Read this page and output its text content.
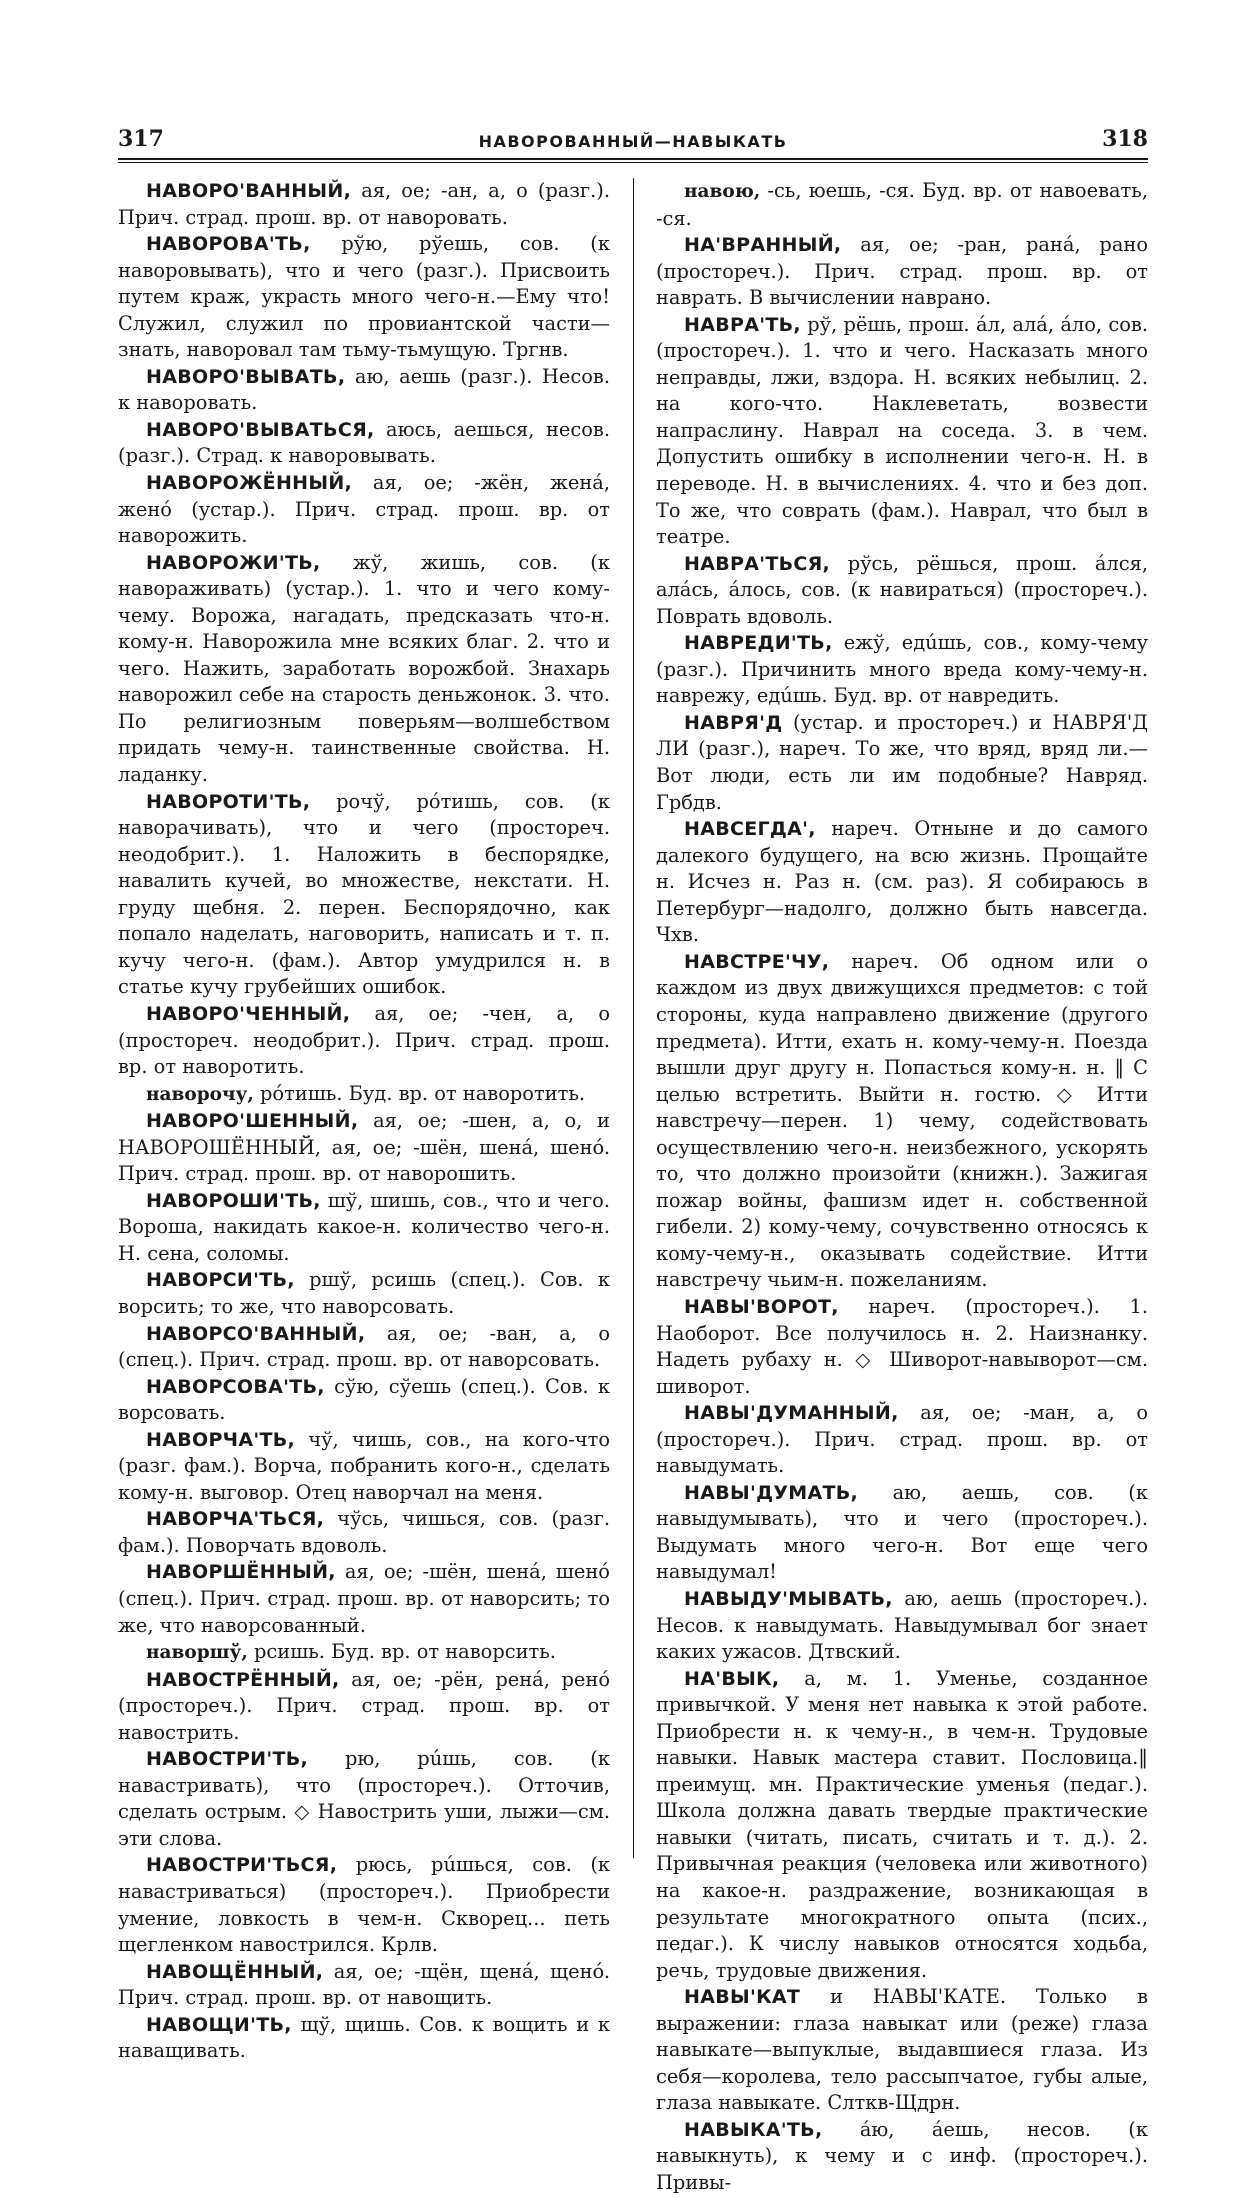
317	НАВОРОВАННЫЙ—НАВЫКАТЬ	318

НАВОРО'ВАННЫЙ, ая, ое; -ан, а, о (разг.). Прич. страд. прош. вр. от наворовать.

НАВОРОВА'ТЬ, рўю, рўешь, сов. (к наворовывать), что и чего (разг.). Присвоить путем краж, украсть много чего-н.—Ему что! Служил, служил по провиантской части— знать, наворовал там тьму-тьмущую. Тргнв.

НАВОРО'ВЫВАТЬ, аю, аешь (разг.). Несов. к наворовать.

НАВОРО'ВЫВАТЬСЯ, аюсь, аешься, несов. (разг.). Страд. к наворовывать.

НАВОРОЖЁННЫЙ, ая, ое; -жён, женá, женó (устар.). Прич. страд. прош. вр. от наворожить.

НАВОРОЖИ'ТЬ, жў, жишь, сов. (к навораживать) (устар.). 1. что и чего кому-чему. Ворожа, нагадать, предсказать что-н. кому-н. Наворожила мне всяких благ. 2. что и чего. Нажить, заработать ворожбой. Знахарь наворожил себе на старость деньжонок. 3. что. По религиозным поверьям—волшебством придать чему-н. таинственные свойства. Н. ладанку.

НАВОРОТИ'ТЬ, рочў, рóтишь, сов. (к наворачивать), что и чего (простореч. неодобрит.). 1. Наложить в беспорядке, навалить кучей, во множестве, некстати. Н. груду щебня. 2. перен. Беспорядочно, как попало наделать, наговорить, написать и т. п. кучу чего-н. (фам.). Автор умудрился н. в статье кучу грубейших ошибок.

НАВОРО'ЧЕННЫЙ, ая, ое; -чен, а, о (простореч. неодобрит.). Прич. страд. прош. вр. от наворотить.

наворочу, рóтишь. Буд. вр. от наворотить.

НАВОРО'ШЕННЫЙ, ая, ое; -шен, а, о, и НАВОРОШЁННЫЙ, ая, ое; -шён, шенá, шенó. Прич. страд. прош. вр. от наворошить.

НАВОРОШИ'ТЬ, шў, шишь, сов., что и чего. Вороша, накидать какое-н. количество чего-н. Н. сена, соломы.

НАВОРСИ'ТЬ, ршў, рсишь (спец.). Сов. к ворсить; то же, что наворсовать.

НАВОРСО'ВАННЫЙ, ая, ое; -ван, а, о (спец.). Прич. страд. прош. вр. от наворсовать.

НАВОРСОВА'ТЬ, сўю, сўешь (спец.). Сов. к ворсовать.

НАВОРЧА'ТЬ, чў, чишь, сов., на кого-что (разг. фам.). Ворча, побранить кого-н., сделать кому-н. выговор. Отец наворчал на меня.

НАВОРЧА'ТЬСЯ, чўсь, чишься, сов. (разг. фам.). Поворчать вдоволь.

НАВОРШЁННЫЙ, ая, ое; -шён, шенá, шенó (спец.). Прич. страд. прош. вр. от наворсить; то же, что наворсованный.

наворшў, рсишь. Буд. вр. от наворсить.

НАВОСТРЁННЫЙ, ая, ое; -рён, ренá, ренó (простореч.). Прич. страд. прош. вр. от навострить.

НАВОСТРИ'ТЬ, рю, рúшь, сов. (к навастривать), что (простореч.). Отточив, сделать острым. ◇ Навострить уши, лыжи—см. эти слова.

НАВОСТРИ'ТЬСЯ, рюсь, рúшься, сов. (к навастриваться) (простореч.). Приобрести умение, ловкость в чем-н. Скворец... петь щегленком навострился. Крлв.

НАВОЩЁННЫЙ, ая, ое; -щён, щенá, щенó. Прич. страд. прош. вр. от навощить.

НАВОЩИ'ТЬ, щў, щишь. Сов. к вощить и к наващивать.

навою, -сь, юешь, -ся. Буд. вр. от навоевать, -ся.

НА'ВРАННЫЙ, ая, ое; -ран, ранá, рано (простореч.). Прич. страд. прош. вр. от наврать. В вычислении наврано.

НАВРА'ТЬ, рў, рёшь, прош. áл, алá, áло, сов. (простореч.). 1. что и чего. Насказать много неправды, лжи, вздора. Н. всяких небылиц. 2. на кого-что. Наклеветать, возвести напраслину. Наврал на соседа. 3. в чем. Допустить ошибку в исполнении чего-н. Н. в переводе. Н. в вычислениях. 4. что и без доп. То же, что соврать (фам.). Наврал, что был в театре.

НАВРА'ТЬСЯ, рўсь, рёшься, прош. áлся, алáсь, áлось, сов. (к навираться) (простореч.). Поврать вдоволь.

НАВРЕДИ'ТЬ, ежў, едúшь, сов., кому-чему (разг.). Причинить много вреда кому-чему-н. наврежу, едúшь. Буд. вр. от навредить.

НАВРЯ'Д (устар. и простореч.) и НАВРЯ'Д ЛИ (разг.), нареч. То же, что вряд, вряд ли.— Вот люди, есть ли им подобные? Навряд. Грбдв.

НАВСЕГДА', нареч. Отныне и до самого далекого будущего, на всю жизнь. Прощайте н. Исчез н. Раз н. (см. раз). Я собираюсь в Петербург—надолго, должно быть навсегда. Чхв.

НАВСТРЕ'ЧУ, нареч. Об одном или о каждом из двух движущихся предметов: с той стороны, куда направлено движение (другого предмета). Итти, ехать н. кому-чему-н. Поезда вышли друг другу н. Попасться кому-н. н. ‖ С целью встретить. Выйти н. гостю. ◇ Итти навстречу—перен. 1) чему, содействовать осуществлению чего-н. неизбежного, ускорять то, что должно произойти (книжн.). Зажигая пожар войны, фашизм идет н. собственной гибели. 2) кому-чему, сочувственно относясь к кому-чему-н., оказывать содействие. Итти навстречу чьим-н. пожеланиям.

НАВЫ'ВОРОТ, нареч. (простореч.). 1. Наоборот. Все получилось н. 2. Наизнанку. Надеть рубаху н. ◇ Шиворот-навыворот—см. шиворот.

НАВЫ'ДУМАННЫЙ, ая, ое; -ман, а, о (простореч.). Прич. страд. прош. вр. от навыдумать.

НАВЫ'ДУМАТЬ, аю, аешь, сов. (к навыдумывать), что и чего (простореч.). Выдумать много чего-н. Вот еще чего навыдумал!

НАВЫДУ'МЫВАТЬ, аю, аешь (простореч.). Несов. к навыдумать. Навыдумывал бог знает каких ужасов. Дтвский.

НА'ВЫК, а, м. 1. Уменье, созданное привычкой. У меня нет навыка к этой работе. Приобрести н. к чему-н., в чем-н. Трудовые навыки. Навык мастера ставит. Пословица.‖ преимущ. мн. Практические уменья (педаг.). Школа должна давать твердые практические навыки (читать, писать, считать и т. д.). 2. Привычная реакция (человека или животного) на какое-н. раздражение, возникающая в результате многократного опыта (псих., педаг.). К числу навыков относятся ходьба, речь, трудовые движения.

НАВЫ'КАТ и НАВЫ'КАТЕ. Только в выражении: глаза навыкат или (реже) глаза навыкате—выпуклые, выдавшиеся глаза. Из себя—королева, тело рассыпчатое, губы алые, глаза навыкате. Слткв-Щдрн.

НАВЫКА'ТЬ, áю, áешь, несов. (к навыкнуть), к чему и с инф. (простореч.). Привы-
